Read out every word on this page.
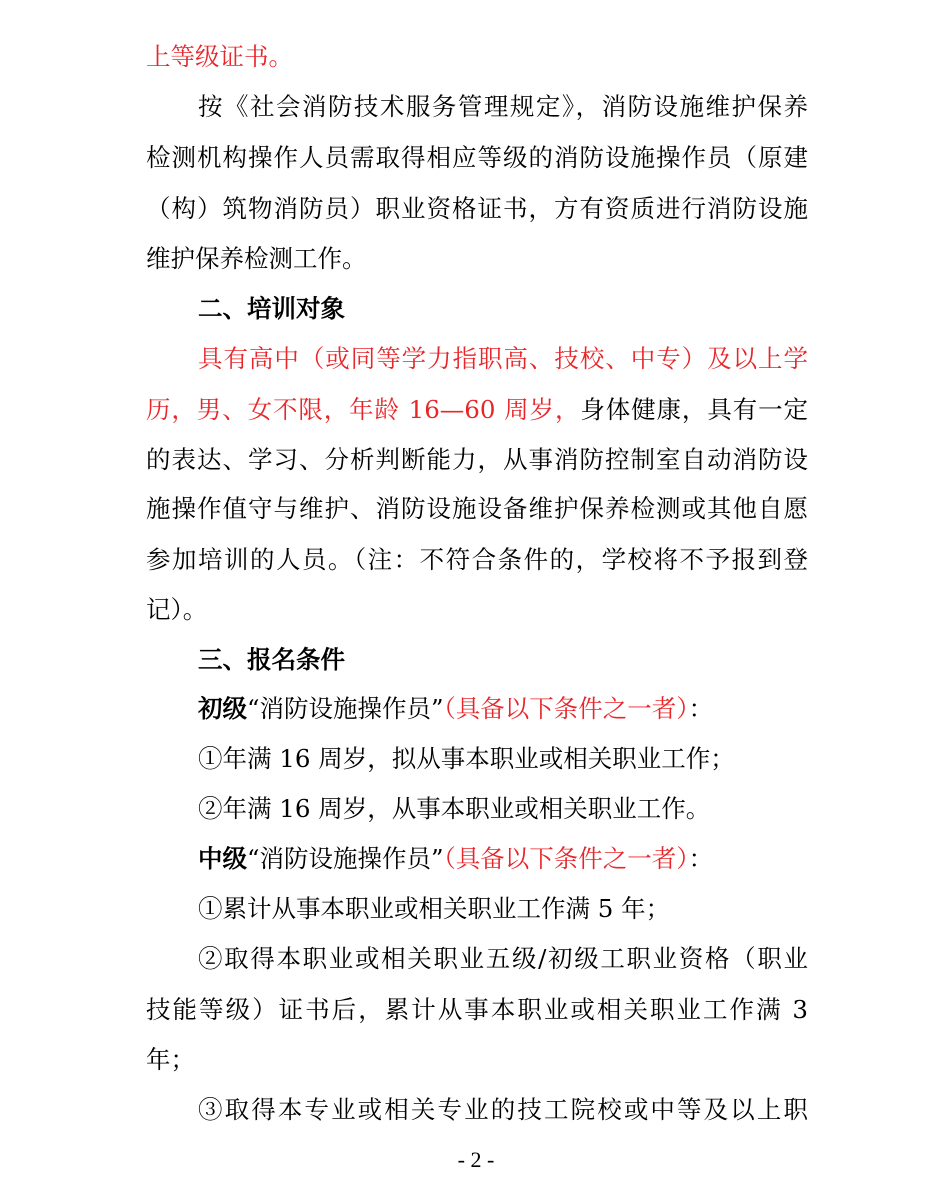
上等级证书。
按《社会消防技术服务管理规定》，消防设施维护保养
检测机构操作人员需取得相应等级的消防设施操作员（原建
（构）筑物消防员）职业资格证书，方有资质进行消防设施
维护保养检测工作。
二、培训对象
具有高中（或同等学力指职高、技校、中专）及以上学
历，男、女不限，年龄 16—60 周岁，身体健康，具有一定
的表达、学习、分析判断能力，从事消防控制室自动消防设
施操作值守与维护、消防设施设备维护保养检测或其他自愿
参加培训的人员。（注：不符合条件的，学校将不予报到登
记）。
三、报名条件
初级“消防设施操作员”（具备以下条件之一者）：
①年满 16 周岁，拟从事本职业或相关职业工作；
②年满 16 周岁，从事本职业或相关职业工作。
中级“消防设施操作员”（具备以下条件之一者）：
①累计从事本职业或相关职业工作满 5 年；
②取得本职业或相关职业五级/初级工职业资格（职业
技能等级）证书后，累计从事本职业或相关职业工作满 3
年；
③取得本专业或相关专业的技工院校或中等及以上职
- 2 -
